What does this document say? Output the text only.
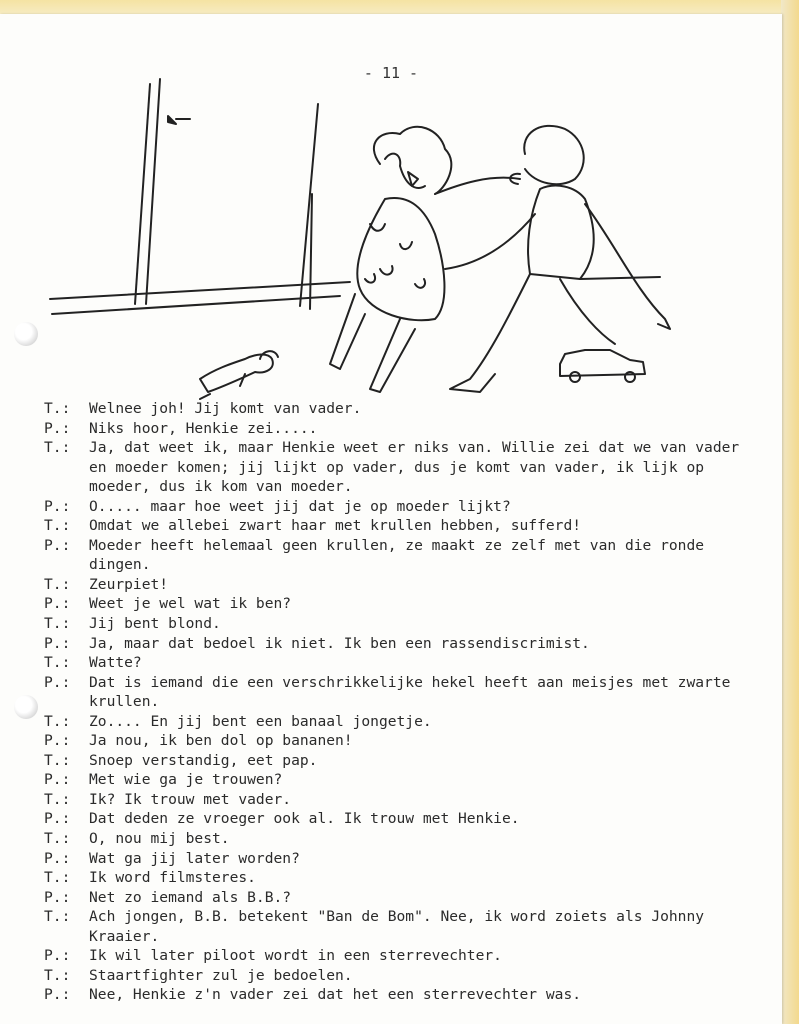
- 11 -
T.:	Welnee joh! Jij komt van vader.
P.:	Niks hoor, Henkie zei.....
T.:	Ja, dat weet ik, maar Henkie weet er niks van. Willie zei dat we van vader en moeder komen; jij lijkt op vader, dus je komt van vader, ik lijk op moeder, dus ik kom van moeder.
P.:	O..... maar hoe weet jij dat je op moeder lijkt?
T.:	Omdat we allebei zwart haar met krullen hebben, sufferd!
P.:	Moeder heeft helemaal geen krullen, ze maakt ze zelf met van die ronde dingen.
T.:	Zeurpiet!
P.:	Weet je wel wat ik ben?
T.:	Jij bent blond.
P.:	Ja, maar dat bedoel ik niet. Ik ben een rassendiscrimist.
T.:	Watte?
P.:	Dat is iemand die een verschrikkelijke hekel heeft aan meisjes met zwarte krullen.
T.:	Zo.... En jij bent een banaal jongetje.
P.:	Ja nou, ik ben dol op bananen!
T.:	Snoep verstandig, eet pap.
P.:	Met wie ga je trouwen?
T.:	Ik? Ik trouw met vader.
P.:	Dat deden ze vroeger ook al. Ik trouw met Henkie.
T.:	O, nou mij best.
P.:	Wat ga jij later worden?
T.:	Ik word filmsteres.
P.:	Net zo iemand als B.B.?
T.:	Ach jongen, B.B. betekent "Ban de Bom". Nee, ik word zoiets als Johnny Kraaier.
P.:	Ik wil later piloot wordt in een sterrevechter.
T.:	Staartfighter zul je bedoelen.
P.:	Nee, Henkie z'n vader zei dat het een sterrevechter was.
